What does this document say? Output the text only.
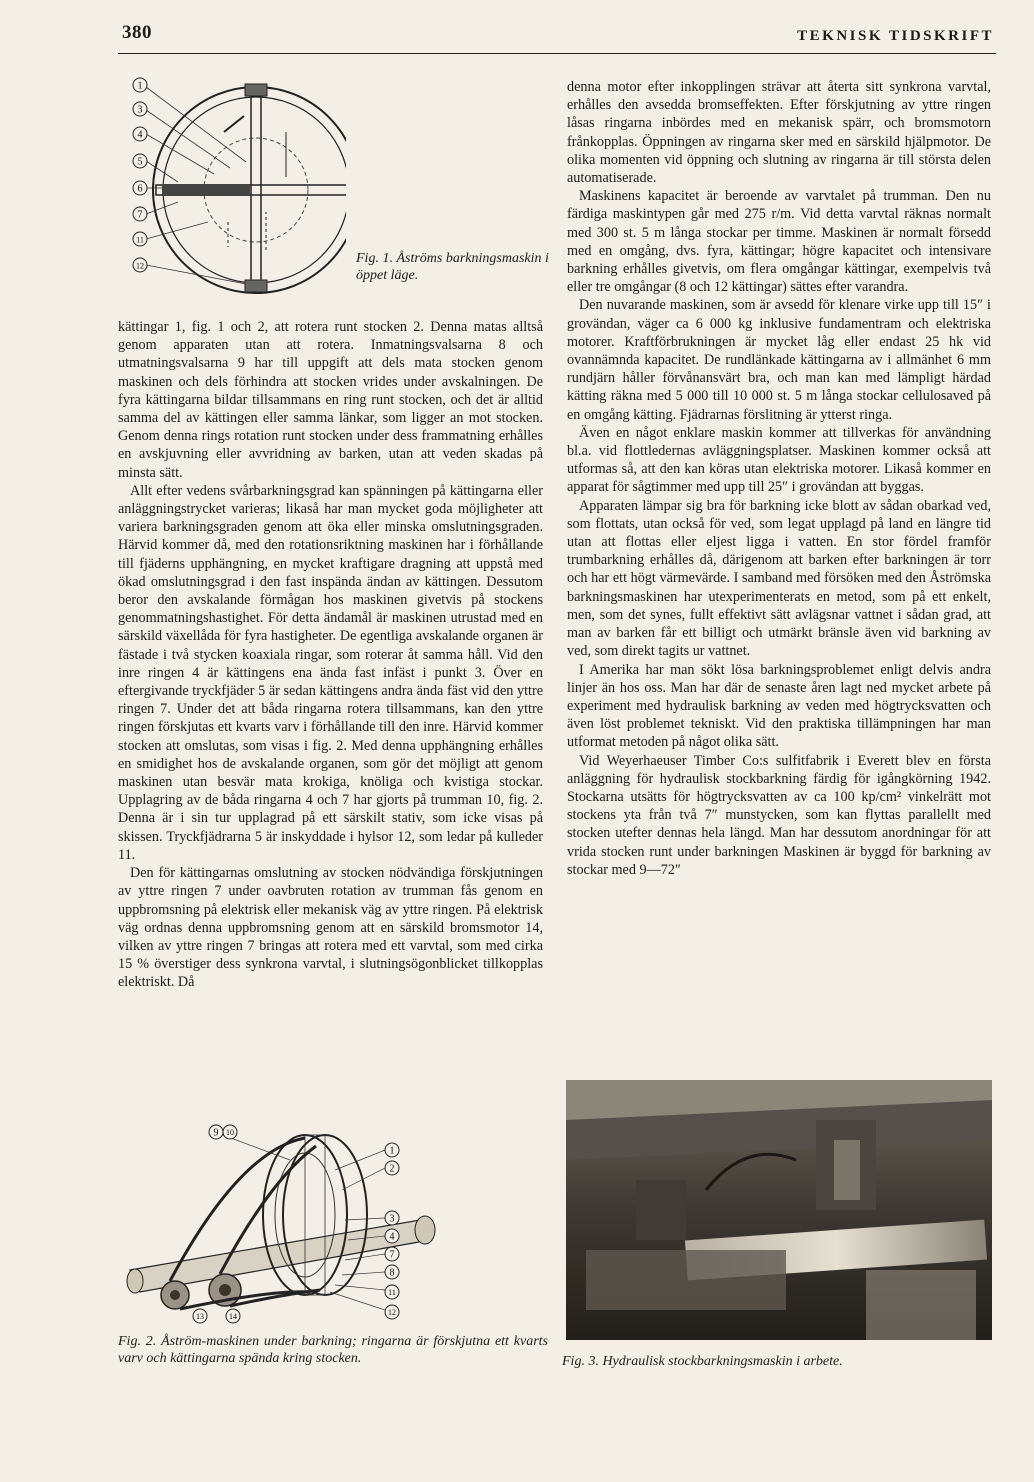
380	TEKNISK TIDSKRIFT
1
3
4
5
6
7
11
12	Fig. 1. Åströms barkningsmaskin i öppet läge.

kättingar 1, fig. 1 och 2, att rotera runt stocken 2. Denna matas alltså genom apparaten utan att rotera. Inmatningsvalsarna 8 och utmatningsvalsarna 9 har till uppgift att dels mata stocken genom maskinen och dels förhindra att stocken vrides under avskalningen. De fyra kättingarna bildar tillsammans en ring runt stocken, och det är alltid samma del av kättingen eller samma länkar, som ligger an mot stocken. Genom denna rings rotation runt stocken under dess frammatning erhålles en avskjuvning eller avvridning av barken, utan att veden skadas på minsta sätt.

Allt efter vedens svårbarkningsgrad kan spänningen på kättingarna eller anläggningstrycket varieras; likaså har man mycket goda möjligheter att variera barkningsgraden genom att öka eller minska omslutningsgraden. Härvid kommer då, med den rotationsriktning maskinen har i förhållande till fjäderns upphängning, en mycket kraftigare dragning att uppstå med ökad omslutningsgrad i den fast inspända ändan av kättingen. Dessutom beror den avskalande förmågan hos maskinen givetvis på stockens genommatningshastighet. För detta ändamål är maskinen utrustad med en särskild växellåda för fyra hastigheter. De egentliga avskalande organen är fästade i två stycken koaxiala ringar, som roterar åt samma håll. Vid den inre ringen 4 är kättingens ena ända fast infäst i punkt 3. Över en eftergivande tryckfjäder 5 är sedan kättingens andra ända fäst vid den yttre ringen 7. Under det att båda ringarna rotera tillsammans, kan den yttre ringen förskjutas ett kvarts varv i förhållande till den inre. Härvid kommer stocken att omslutas, som visas i fig. 2. Med denna upphängning erhålles en smidighet hos de avskalande organen, som gör det möjligt att genom maskinen utan besvär mata krokiga, knöliga och kvistiga stockar. Upplagring av de båda ringarna 4 och 7 har gjorts på trumman 10, fig. 2. Denna är i sin tur upplagrad på ett särskilt stativ, som icke visas på skissen. Tryckfjädrarna 5 är inskyddade i hylsor 12, som ledar på kulleder 11.

Den för kättingarnas omslutning av stocken nödvändiga förskjutningen av yttre ringen 7 under oavbruten rotation av trumman fås genom en uppbromsning på elektrisk eller mekanisk väg av yttre ringen. På elektrisk väg ordnas denna uppbromsning genom att en särskild bromsmotor 14, vilken av yttre ringen 7 bringas att rotera med ett varvtal, som med cirka 15 % överstiger dess synkrona varvtal, i slutningsögonblicket tillkopplas elektriskt. Då

denna motor efter inkopplingen strävar att återta sitt synkrona varvtal, erhålles den avsedda bromseffekten. Efter förskjutning av yttre ringen låsas ringarna inbördes med en mekanisk spärr, och bromsmotorn frånkopplas. Öppningen av ringarna sker med en särskild hjälpmotor. De olika momenten vid öppning och slutning av ringarna är till största delen automatiserade.

Maskinens kapacitet är beroende av varvtalet på trumman. Den nu färdiga maskintypen går med 275 r/m. Vid detta varvtal räknas normalt med 300 st. 5 m långa stockar per timme. Maskinen är normalt försedd med en omgång, dvs. fyra, kättingar; högre kapacitet och intensivare barkning erhålles givetvis, om flera omgångar kättingar, exempelvis två eller tre omgångar (8 och 12 kättingar) sättes efter varandra.

Den nuvarande maskinen, som är avsedd för klenare virke upp till 15″ i grovändan, väger ca 6 000 kg inklusive fundamentram och elektriska motorer. Kraftförbrukningen är mycket låg eller endast 25 hk vid ovannämnda kapacitet. De rundlänkade kättingarna av i allmänhet 6 mm rundjärn håller förvånansvärt bra, och man kan med lämpligt härdad kätting räkna med 5 000 till 10 000 st. 5 m långa stockar cellulosaved på en omgång kätting. Fjädrarnas förslitning är ytterst ringa.

Även en något enklare maskin kommer att tillverkas för användning bl.a. vid flottledernas avläggningsplatser. Maskinen kommer också att utformas så, att den kan köras utan elektriska motorer. Likaså kommer en apparat för sågtimmer med upp till 25″ i grovändan att byggas.

Apparaten lämpar sig bra för barkning icke blott av sådan obarkad ved, som flottats, utan också för ved, som legat upplagd på land en längre tid utan att flottas eller eljest ligga i vatten. En stor fördel framför trumbarkning erhålles då, därigenom att barken efter barkningen är torr och har ett högt värmevärde. I samband med försöken med den Åströmska barkningsmaskinen har utexperimenterats en metod, som på ett enkelt, men, som det synes, fullt effektivt sätt avlägsnar vattnet i sådan grad, att man av barken får ett billigt och utmärkt bränsle även vid barkning av ved, som direkt tagits ur vattnet.

I Amerika har man sökt lösa barkningsproblemet enligt delvis andra linjer än hos oss. Man har där de senaste åren lagt ned mycket arbete på experiment med hydraulisk barkning av veden med högtrycksvatten och även löst problemet tekniskt. Vid den praktiska tillämpningen har man utformat metoden på något olika sätt.

Vid Weyerhaeuser Timber Co:s sulfitfabrik i Everett blev en första anläggning för hydraulisk stockbarkning färdig för igångkörning 1942. Stockarna utsätts för högtrycksvatten av ca 100 kp/cm² vinkelrätt mot stockens yta från två 7″ munstycken, som kan flyttas parallellt med stocken utefter dennas hela längd. Man har dessutom anordningar för att vrida stocken runt under barkningen Maskinen är byggd för barkning av stockar med 9—72″

9 10
1
2
3
4
7
8
11
12
13	14
Fig. 2. Åström-maskinen under barkning; ringarna är förskjutna ett kvarts varv och kättingarna spända kring stocken.	Fig. 3. Hydraulisk stockbarkningsmaskin i arbete.
